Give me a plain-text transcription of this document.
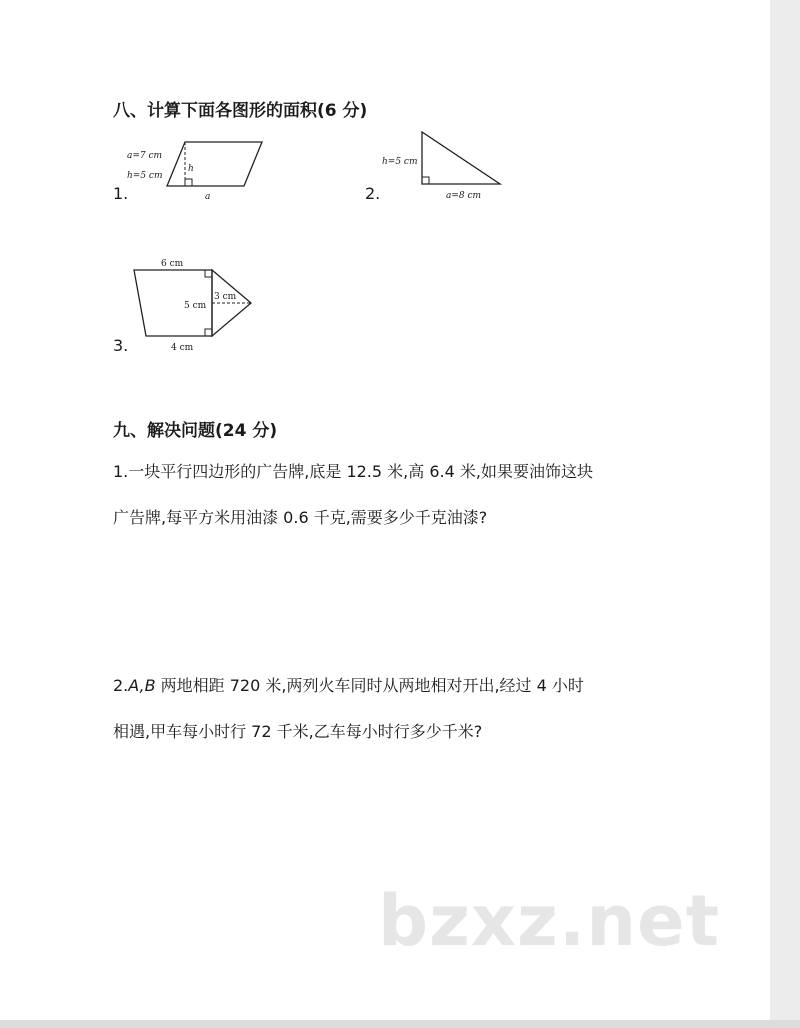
八、计算下面各图形的面积(6 分)
1.
a=7 cm
h=5 cm
h
a	2.
h=5 cm
a=8 cm
3.
6 cm
5 cm
3 cm
4 cm
九、解决问题(24 分)
1.一块平行四边形的广告牌,底是 12.5 米,高 6.4 米,如果要油饰这块
广告牌,每平方米用油漆 0.6 千克,需要多少千克油漆?
2.A,B 两地相距 720 米,两列火车同时从两地相对开出,经过 4 小时
相遇,甲车每小时行 72 千米,乙车每小时行多少千米?
bzxz.net
